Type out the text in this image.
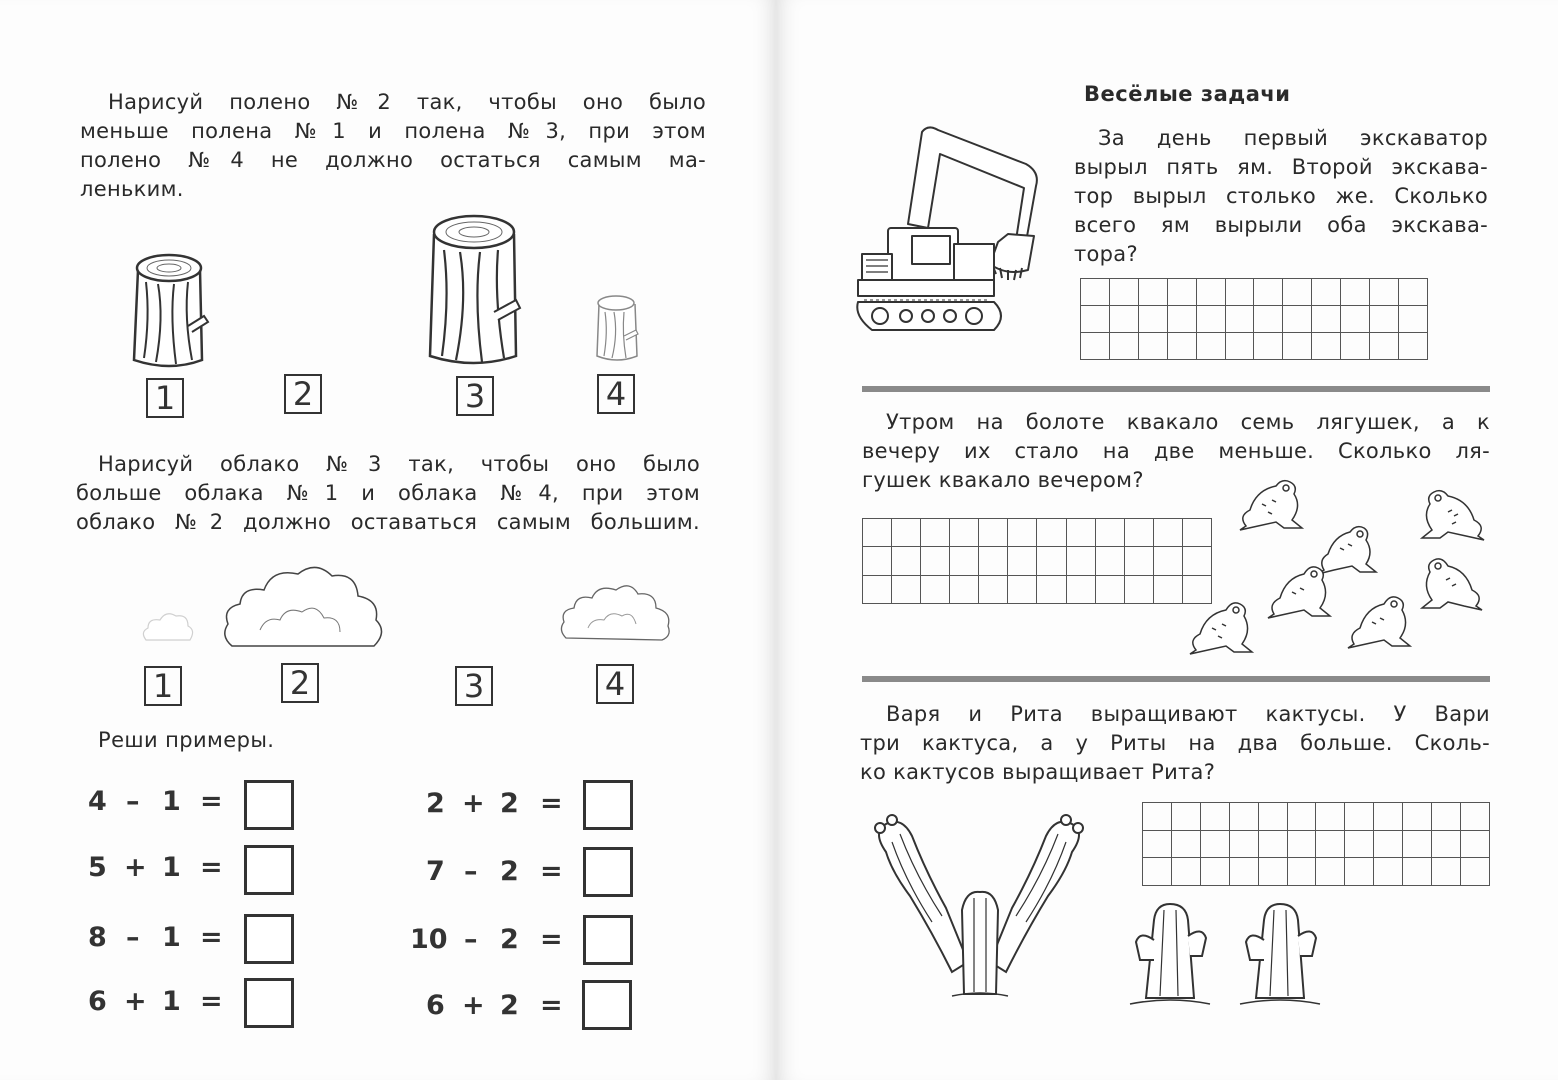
Нарисуй полено №2 так, чтобы оно было
меньше полена №1 и полена №3, при этом
полено №4 не должно остаться самым ма-
леньким.
1	2	3	4
Нарисуй облако №3 так, чтобы оно было
больше облака №1 и облака №4, при этом
облако №2 должно оставаться самым большим.
1	2	3	4
Реши примеры.
4 – 1 =
5 + 1 =
8 – 1 =
6 + 1 =
2 + 2 =
7 – 2 =
10 – 2 =
6 + 2 =
Весёлые задачи
За день первый экскаватор
вырыл пять ям. Второй экскава-
тор вырыл столько же. Сколько
всего ям вырыли оба экскава-
тора?

Утром на болоте квакало семь лягушек, а к
вечеру их стало на две меньше. Сколько ля-
гушек квакало вечером?

Варя и Рита выращивают кактусы. У Вари
три кактуса, а у Риты на два больше. Сколь-
ко кактусов выращивает Рита?
